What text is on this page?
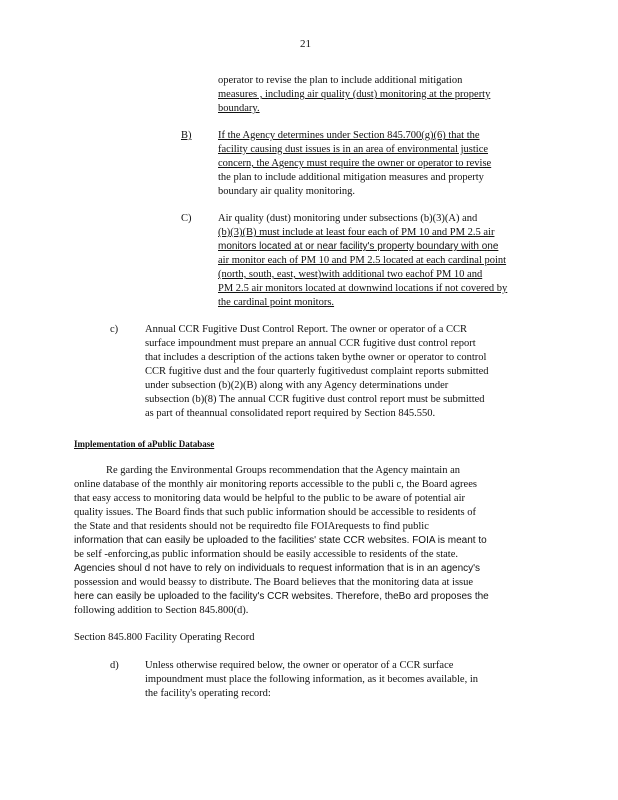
21
operator to revise the plan to include additional mitigation
measures , including air quality (dust) monitoring at the property
boundary.
B)	If the Agency determines under Section 845.700(g)(6) that the
facility causing dust issues is in an area of environmental justice
concern, the Agency must require the owner or operator to revise
the plan to include additional mitigation measures and property
boundary air quality monitoring.
C)	Air quality (dust) monitoring under subsections (b)(3)(A) and
(b)(3)(B) must include at least four each of PM 10 and PM 2.5 air
monitors located at or near facility's property boundary with one
air monitor each of PM 10 and PM 2.5 located at each cardinal point
(north, south, east, west)with additional two eachof PM 10 and
PM 2.5 air monitors located at downwind locations if not covered by
the cardinal point monitors.
c)	Annual CCR Fugitive Dust Control Report. The owner or operator of a CCR
surface impoundment must prepare an annual CCR fugitive dust control report
that includes a description of the actions taken bythe owner or operator to control
CCR fugitive dust and the four quarterly fugitivedust complaint reports submitted
under subsection (b)(2)(B) along with any Agency determinations under
subsection (b)(8) The annual CCR fugitive dust control report must be submitted
as part of theannual consolidated report required by Section 845.550.
Implementation of aPublic Database
Re garding the Environmental Groups recommendation that the Agency maintain an
online database of the monthly air monitoring reports accessible to the publi c, the Board agrees
that easy access to monitoring data would be helpful to the public to be aware of potential air
quality issues. The Board finds that such public information should be accessible to residents of
the State and that residents should not be requiredto file FOIArequests to find public
information that can easily be uploaded to the facilities' state CCR websites. FOIA is meant to
be self -enforcing,as public information should be easily accessible to residents of the state.
Agencies shoul d not have to rely on individuals to request information that is in an agency's
possession and would beassy to distribute. The Board believes that the monitoring data at issue
here can easily be uploaded to the facility's CCR websites. Therefore, theBo ard proposes the
following addition to Section 845.800(d).
Section 845.800 Facility Operating Record
d)	Unless otherwise required below, the owner or operator of a CCR surface
impoundment must place the following information, as it becomes available, in
the facility's operating record:
